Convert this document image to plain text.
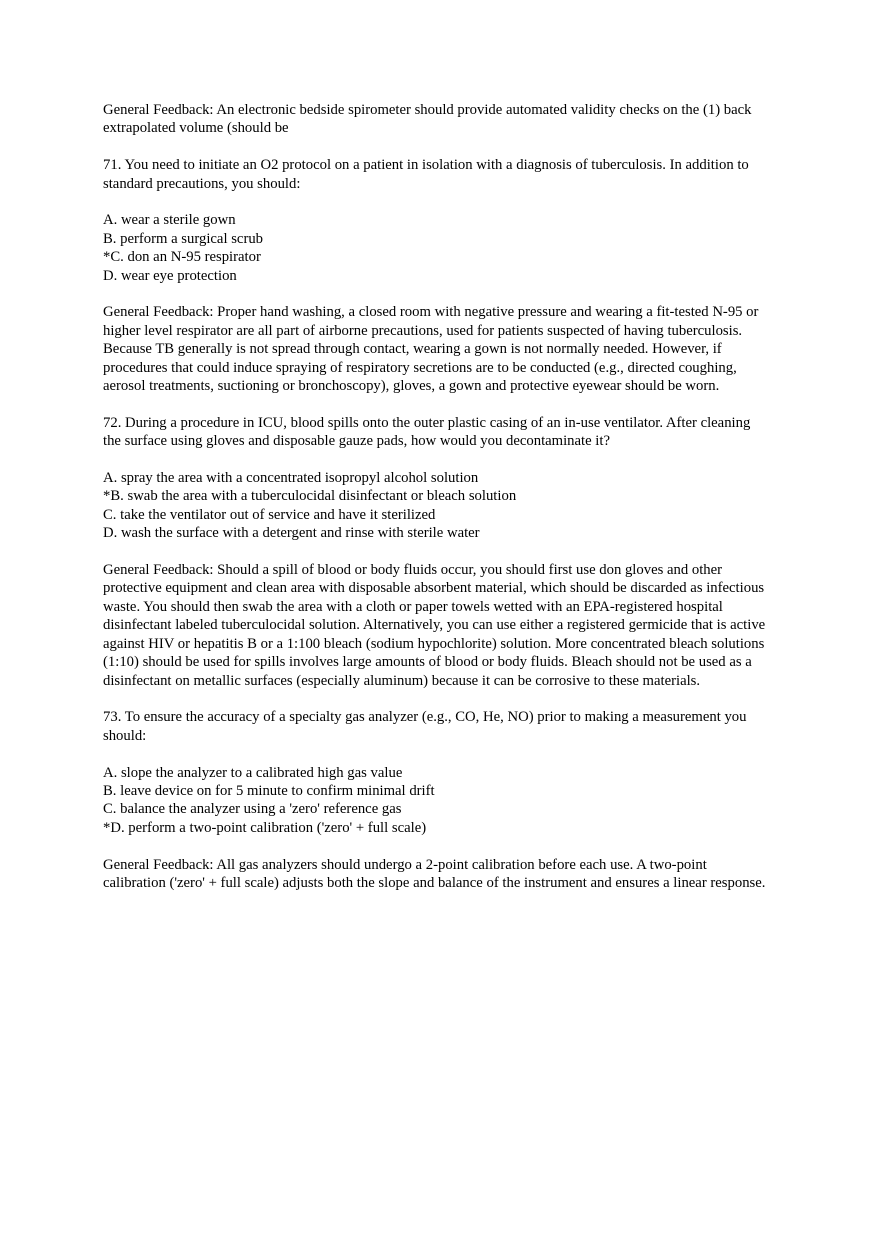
General Feedback: An electronic bedside spirometer should provide automated validity checks on the (1) back extrapolated volume (should be

71. You need to initiate an O2 protocol on a patient in isolation with a diagnosis of tuberculosis. In addition to standard precautions, you should:

A. wear a sterile gown
B. perform a surgical scrub
*C. don an N-95 respirator
D. wear eye protection

General Feedback: Proper hand washing, a closed room with negative pressure and wearing a fit-tested N-95 or higher level respirator are all part of airborne precautions, used for patients suspected of having tuberculosis. Because TB generally is not spread through contact, wearing a gown is not normally needed. However, if procedures that could induce spraying of respiratory secretions are to be conducted (e.g., directed coughing, aerosol treatments, suctioning or bronchoscopy), gloves, a gown and protective eyewear should be worn.

72. During a procedure in ICU, blood spills onto the outer plastic casing of an in-use ventilator. After cleaning the surface using gloves and disposable gauze pads, how would you decontaminate it?

A. spray the area with a concentrated isopropyl alcohol solution
*B. swab the area with a tuberculocidal disinfectant or bleach solution
C. take the ventilator out of service and have it sterilized
D. wash the surface with a detergent and rinse with sterile water

General Feedback: Should a spill of blood or body fluids occur, you should first use don gloves and other protective equipment and clean area with disposable absorbent material, which should be discarded as infectious waste. You should then swab the area with a cloth or paper towels wetted with an EPA-registered hospital disinfectant labeled tuberculocidal solution. Alternatively, you can use either a registered germicide that is active against HIV or hepatitis B or a 1:100 bleach (sodium hypochlorite) solution. More concentrated bleach solutions (1:10) should be used for spills involves large amounts of blood or body fluids. Bleach should not be used as a disinfectant on metallic surfaces (especially aluminum) because it can be corrosive to these materials.

73. To ensure the accuracy of a specialty gas analyzer (e.g., CO, He, NO) prior to making a measurement you should:

A. slope the analyzer to a calibrated high gas value
B. leave device on for 5 minute to confirm minimal drift
C. balance the analyzer using a 'zero' reference gas
*D. perform a two-point calibration ('zero' + full scale)

General Feedback: All gas analyzers should undergo a 2-point calibration before each use. A two-point calibration ('zero' + full scale) adjusts both the slope and balance of the instrument and ensures a linear response.
